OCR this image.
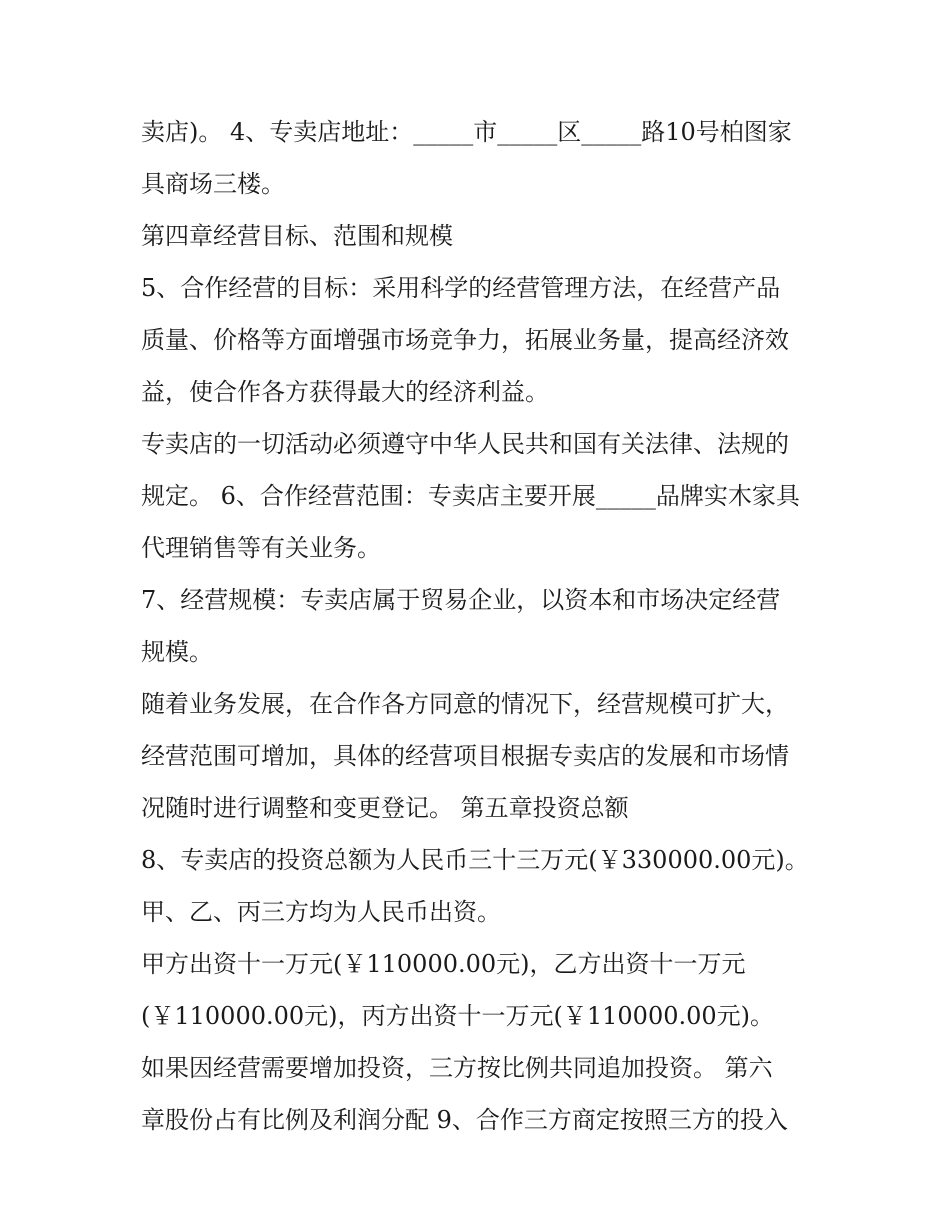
卖店)。 4、专卖店地址：_____市_____区_____路10号柏图家
具商场三楼。
第四章经营目标、范围和规模
5、合作经营的目标：采用科学的经营管理方法，在经营产品
质量、价格等方面增强市场竞争力，拓展业务量，提高经济效
益，使合作各方获得最大的经济利益。
专卖店的一切活动必须遵守中华人民共和国有关法律、法规的
规定。 6、合作经营范围：专卖店主要开展_____品牌实木家具
代理销售等有关业务。
7、经营规模：专卖店属于贸易企业，以资本和市场决定经营
规模。
随着业务发展，在合作各方同意的情况下，经营规模可扩大，
经营范围可增加，具体的经营项目根据专卖店的发展和市场情
况随时进行调整和变更登记。 第五章投资总额
8、专卖店的投资总额为人民币三十三万元(￥330000.00元)。
甲、乙、丙三方均为人民币出资。
甲方出资十一万元(￥110000.00元)，乙方出资十一万元
(￥110000.00元)，丙方出资十一万元(￥110000.00元)。
如果因经营需要增加投资，三方按比例共同追加投资。 第六
章股份占有比例及利润分配 9、合作三方商定按照三方的投入
